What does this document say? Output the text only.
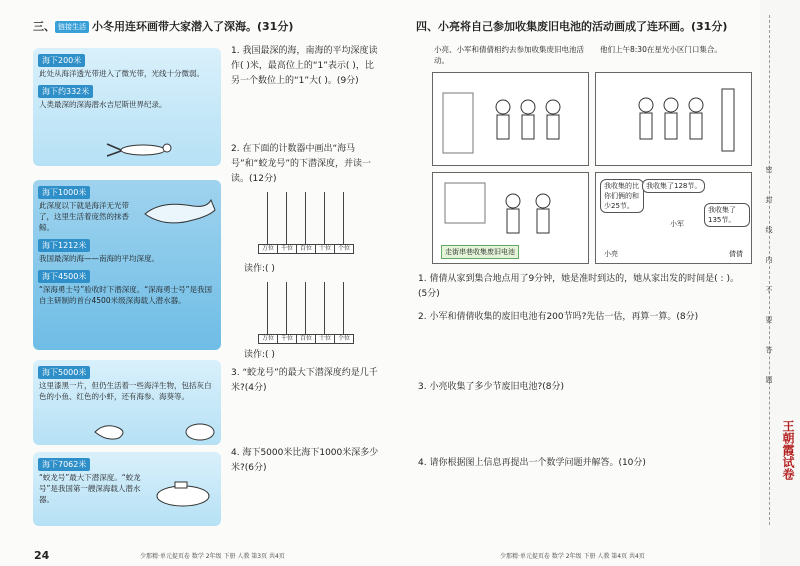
三、 链接生活 小冬用连环画带大家潜入了深海。(31分)
海下200米
此处从海洋透光带进入了微光带，光线十分微弱。
海下约332米
人类最深的深海潜水吉尼斯世界纪录。
海下1000米
此深度以下就是海洋无光带了，这里生活着庞然的抹香鲸。
海下1212米
我国最深的海——南海的平均深度。
海下4500米
“深海勇士号”验收时下潜深度。“深海勇士号”是我国自主研制的首台4500米级深海载人潜水器。
海下5000米
这里漆黑一片，但仍生活着一些海洋生物，包括灰白色的小鱼、红色的小虾，还有海参、海葵等。
海下7062米
“蛟龙号”最大下潜深度。“蛟龙号”是我国第一艘深海载人潜水器。
1. 我国最深的海，南海的平均深度读作( )米，最高位上的“1”表示( )，比另一个数位上的“1”大( )。(9分)
2. 在下面的计数器中画出“海马号”和“蛟龙号”的下潜深度，并读一读。(12分)
万位	千位	百位	十位	个位
读作:( )
万位	千位	百位	十位	个位
读作:( )
3. “蛟龙号”的最大下潜深度约是几千米?(4分)
4. 海下5000米比海下1000米深多少米?(6分)
24	少那精·单元提页卷 数学 2年级 下册 人教 第3页 共4页
四、小亮将自己参加收集废旧电池的活动画成了连环画。(31分)
小亮、小军和倩倩相约去参加收集废旧电池活动。
他们上午8:30在星光小区门口集合。
走街串巷收集废旧电池
我收集的比你们俩的和少25节。
我收集了128节。
我收集了135节。
小军
小亮	倩倩
1. 倩倩从家到集合地点用了9分钟，她是准时到达的，她从家出发的时间是( : )。(5分)
2. 小军和倩倩收集的废旧电池有200节吗?先估一估，再算一算。(8分)
3. 小亮收集了多少节废旧电池?(8分)
4. 请你根据图上信息再提出一个数学问题并解答。(10分)
少那精·单元提页卷 数学 2年级 下册 人教 第4页 共4页
密
封
线
内
不
要
答
题
王朝霞试卷
